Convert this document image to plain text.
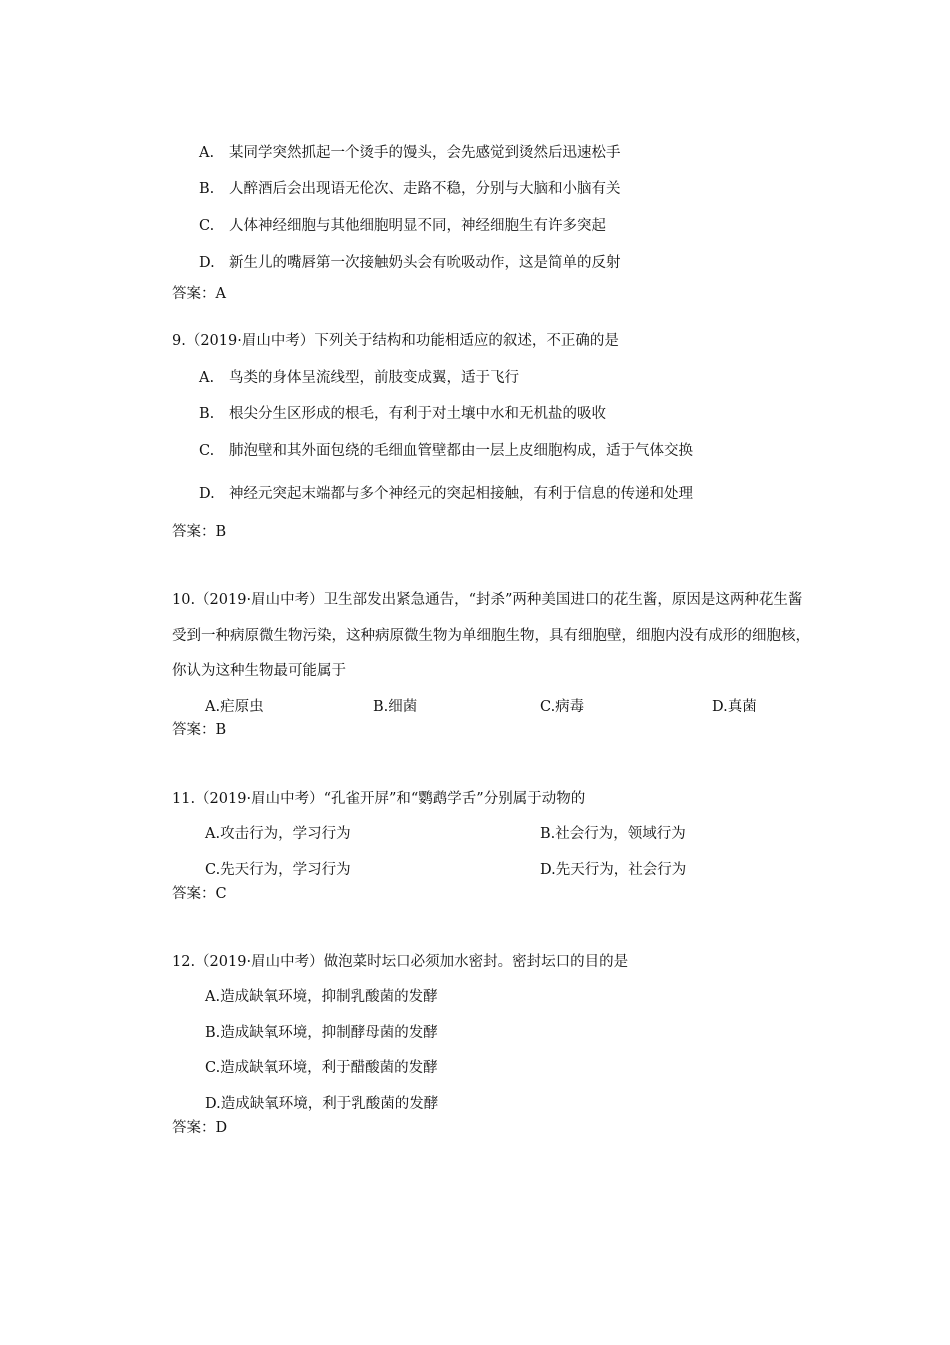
A. 某同学突然抓起一个烫手的馒头，会先感觉到烫然后迅速松手
B. 人醉酒后会出现语无伦次、走路不稳，分别与大脑和小脑有关
C. 人体神经细胞与其他细胞明显不同，神经细胞生有许多突起
D. 新生儿的嘴唇第一次接触奶头会有吮吸动作，这是简单的反射
答案：A
9.（2019·眉山中考）下列关于结构和功能相适应的叙述，不正确的是
A. 鸟类的身体呈流线型，前肢变成翼，适于飞行
B. 根尖分生区形成的根毛，有利于对土壤中水和无机盐的吸收
C. 肺泡壁和其外面包绕的毛细血管壁都由一层上皮细胞构成，适于气体交换
D. 神经元突起末端都与多个神经元的突起相接触，有利于信息的传递和处理
答案：B
10.（2019·眉山中考）卫生部发出紧急通告，“封杀”两种美国进口的花生酱，原因是这两种花生酱
受到一种病原微生物污染，这种病原微生物为单细胞生物，具有细胞壁，细胞内没有成形的细胞核，
你认为这种生物最可能属于
A.疟原虫	B.细菌	C.病毒	D.真菌
答案：B
11.（2019·眉山中考）“孔雀开屏”和“鹦鹉学舌”分别属于动物的
A.攻击行为，学习行为	B.社会行为，领域行为
C.先天行为，学习行为	D.先天行为，社会行为
答案：C
12.（2019·眉山中考）做泡菜时坛口必须加水密封。密封坛口的目的是
A.造成缺氧环境，抑制乳酸菌的发酵
B.造成缺氧环境，抑制酵母菌的发酵
C.造成缺氧环境，利于醋酸菌的发酵
D.造成缺氧环境，利于乳酸菌的发酵
答案：D
